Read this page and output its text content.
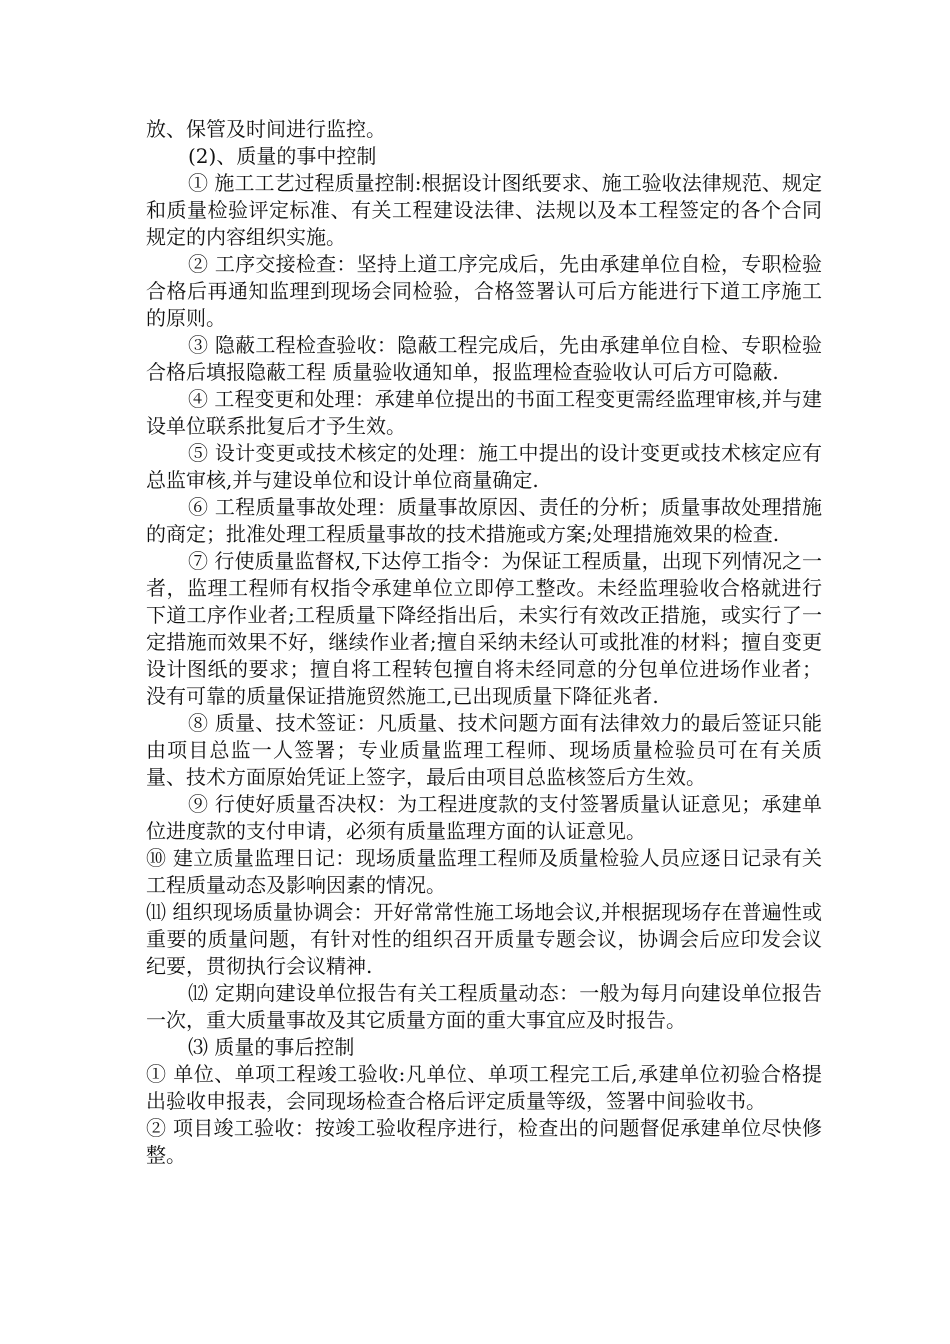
放、保管及时间进行监控。

(2)、质量的事中控制

① 施工工艺过程质量控制:根据设计图纸要求、施工验收法律规范、规定和质量检验评定标准、有关工程建设法律、法规以及本工程签定的各个合同规定的内容组织实施。

② 工序交接检查：坚持上道工序完成后，先由承建单位自检，专职检验合格后再通知监理到现场会同检验，合格签署认可后方能进行下道工序施工的原则。

③ 隐蔽工程检查验收：隐蔽工程完成后，先由承建单位自检、专职检验合格后填报隐蔽工程 质量验收通知单，报监理检查验收认可后方可隐蔽.

④ 工程变更和处理：承建单位提出的书面工程变更需经监理审核,并与建设单位联系批复后才予生效。

⑤ 设计变更或技术核定的处理：施工中提出的设计变更或技术核定应有总监审核,并与建设单位和设计单位商量确定.

⑥ 工程质量事故处理：质量事故原因、责任的分析；质量事故处理措施的商定；批准处理工程质量事故的技术措施或方案;处理措施效果的检查.

⑦ 行使质量监督权,下达停工指令：为保证工程质量，出现下列情况之一者，监理工程师有权指令承建单位立即停工整改。未经监理验收合格就进行下道工序作业者;工程质量下降经指出后，未实行有效改正措施，或实行了一定措施而效果不好，继续作业者;擅自采纳未经认可或批准的材料；擅自变更设计图纸的要求；擅自将工程转包擅自将未经同意的分包单位进场作业者；没有可靠的质量保证措施贸然施工,已出现质量下降征兆者.

⑧ 质量、技术签证：凡质量、技术问题方面有法律效力的最后签证只能由项目总监一人签署；专业质量监理工程师、现场质量检验员可在有关质量、技术方面原始凭证上签字，最后由项目总监核签后方生效。

⑨ 行使好质量否决权：为工程进度款的支付签署质量认证意见；承建单位进度款的支付申请，必须有质量监理方面的认证意见。

⑩ 建立质量监理日记：现场质量监理工程师及质量检验人员应逐日记录有关工程质量动态及影响因素的情况。

⑾ 组织现场质量协调会：开好常常性施工场地会议,并根据现场存在普遍性或重要的质量问题，有针对性的组织召开质量专题会议，协调会后应印发会议纪要，贯彻执行会议精神.

⑿ 定期向建设单位报告有关工程质量动态：一般为每月向建设单位报告一次，重大质量事故及其它质量方面的重大事宜应及时报告。

⑶ 质量的事后控制

① 单位、单项工程竣工验收:凡单位、单项工程完工后,承建单位初验合格提出验收申报表，会同现场检查合格后评定质量等级，签署中间验收书。

② 项目竣工验收：按竣工验收程序进行，检查出的问题督促承建单位尽快修整。
